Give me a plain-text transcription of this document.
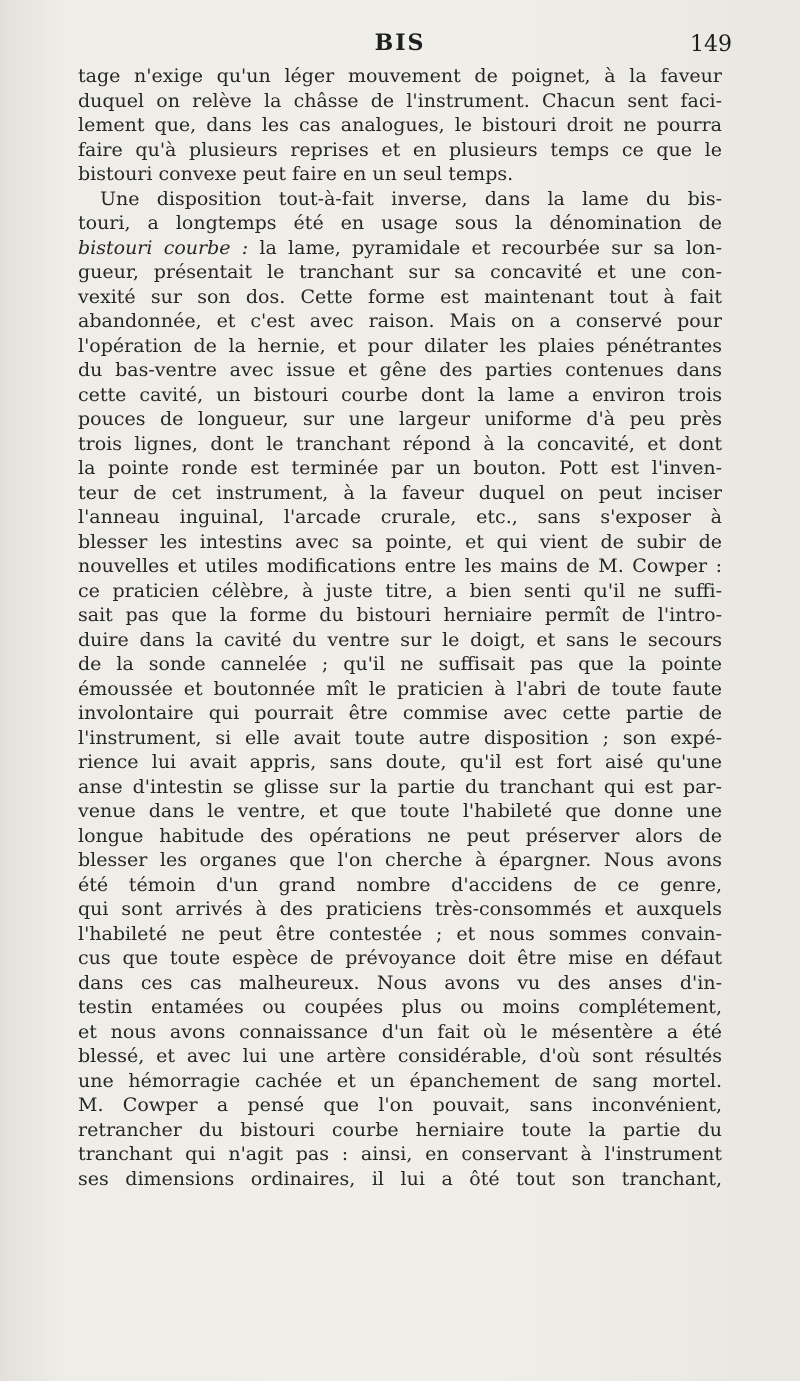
BIS	149
tage n'exige qu'un léger mouvement de poignet, à la faveur
duquel on relève la châsse de l'instrument. Chacun sent faci-
lement que, dans les cas analogues, le bistouri droit ne pourra
faire qu'à plusieurs reprises et en plusieurs temps ce que le
bistouri convexe peut faire en un seul temps.
Une disposition tout-à-fait inverse, dans la lame du bis-
touri, a longtemps été en usage sous la dénomination de
bistouri courbe : la lame, pyramidale et recourbée sur sa lon-
gueur, présentait le tranchant sur sa concavité et une con-
vexité sur son dos. Cette forme est maintenant tout à fait
abandonnée, et c'est avec raison. Mais on a conservé pour
l'opération de la hernie, et pour dilater les plaies pénétrantes
du bas-ventre avec issue et gêne des parties contenues dans
cette cavité, un bistouri courbe dont la lame a environ trois
pouces de longueur, sur une largeur uniforme d'à peu près
trois lignes, dont le tranchant répond à la concavité, et dont
la pointe ronde est terminée par un bouton. Pott est l'inven-
teur de cet instrument, à la faveur duquel on peut inciser
l'anneau inguinal, l'arcade crurale, etc., sans s'exposer à
blesser les intestins avec sa pointe, et qui vient de subir de
nouvelles et utiles modifications entre les mains de M. Cowper :
ce praticien célèbre, à juste titre, a bien senti qu'il ne suffi-
sait pas que la forme du bistouri herniaire permît de l'intro-
duire dans la cavité du ventre sur le doigt, et sans le secours
de la sonde cannelée ; qu'il ne suffisait pas que la pointe
émoussée et boutonnée mît le praticien à l'abri de toute faute
involontaire qui pourrait être commise avec cette partie de
l'instrument, si elle avait toute autre disposition ; son expé-
rience lui avait appris, sans doute, qu'il est fort aisé qu'une
anse d'intestin se glisse sur la partie du tranchant qui est par-
venue dans le ventre, et que toute l'habileté que donne une
longue habitude des opérations ne peut préserver alors de
blesser les organes que l'on cherche à épargner. Nous avons
été témoin d'un grand nombre d'accidens de ce genre,
qui sont arrivés à des praticiens très-consommés et auxquels
l'habileté ne peut être contestée ; et nous sommes convain-
cus que toute espèce de prévoyance doit être mise en défaut
dans ces cas malheureux. Nous avons vu des anses d'in-
testin entamées ou coupées plus ou moins complétement,
et nous avons connaissance d'un fait où le mésentère a été
blessé, et avec lui une artère considérable, d'où sont résultés
une hémorragie cachée et un épanchement de sang mortel.
M. Cowper a pensé que l'on pouvait, sans inconvénient,
retrancher du bistouri courbe herniaire toute la partie du
tranchant qui n'agit pas : ainsi, en conservant à l'instrument
ses dimensions ordinaires, il lui a ôté tout son tranchant,
